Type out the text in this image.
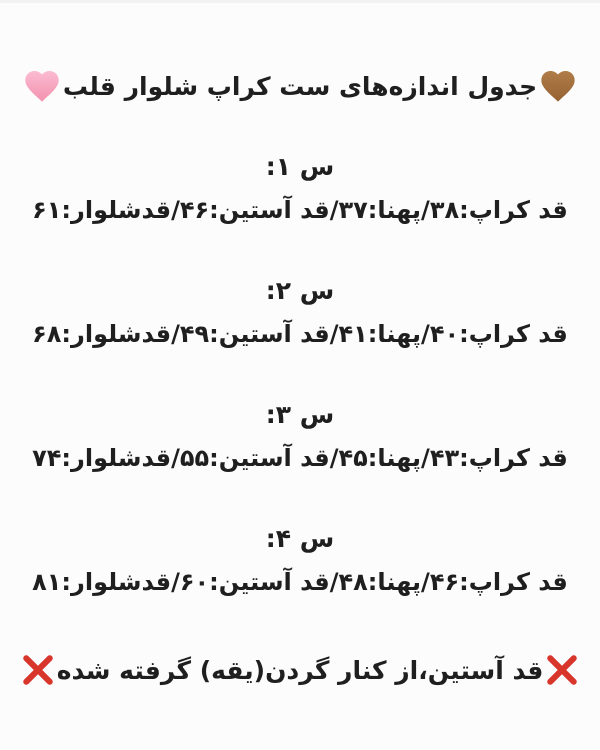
جدول اندازه‌های ست کراپ شلوار قلب
س ۱:
قد کراپ:۳۸/پهنا:۳۷/قد آستین:۴۶/قدشلوار:۶۱
س ۲:
قد کراپ:۴۰/پهنا:۴۱/قد آستین:۴۹/قدشلوار:۶۸
س ۳:
قد کراپ:۴۳/پهنا:۴۵/قد آستین:۵۵/قدشلوار:۷۴
س ۴:
قد کراپ:۴۶/پهنا:۴۸/قد آستین:۶۰/قدشلوار:۸۱
قد آستین،از کنار گردن(یقه) گرفته شده
